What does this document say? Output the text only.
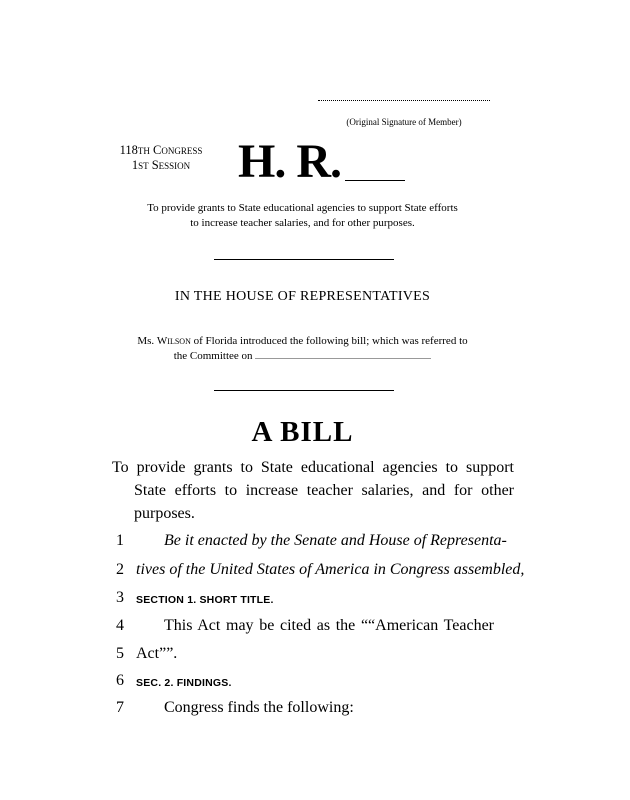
(Original Signature of Member)
118th Congress
1st Session H. R.
To provide grants to State educational agencies to support State efforts
to increase teacher salaries, and for other purposes.
IN THE HOUSE OF REPRESENTATIVES
Ms. Wilson of Florida introduced the following bill; which was referred to
the Committee on
A BILL
To provide grants to State educational agencies to support State efforts to increase teacher salaries, and for other purposes.
1	Be it enacted by the Senate and House of Representa-
2 tives of the United States of America in Congress assembled,
3	SECTION 1. SHORT TITLE.
4	This Act may be cited as the ““American Teacher
5 Act””.
6	SEC. 2. FINDINGS.
7	Congress finds the following:
